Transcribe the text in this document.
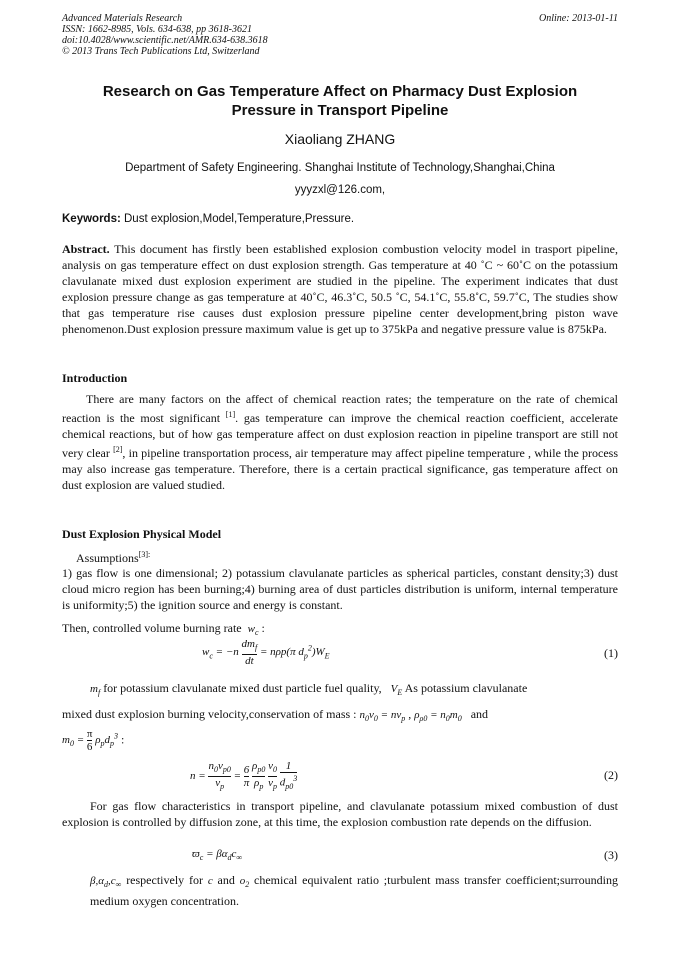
Advanced Materials Research
ISSN: 1662-8985, Vols. 634-638, pp 3618-3621
doi:10.4028/www.scientific.net/AMR.634-638.3618
© 2013 Trans Tech Publications Ltd, Switzerland
Online: 2013-01-11
Research on Gas Temperature Affect on Pharmacy Dust Explosion
Pressure in Transport Pipeline
Xiaoliang ZHANG
Department of Safety Engineering. Shanghai Institute of Technology,Shanghai,China
yyyzxl@126.com,
Keywords: Dust explosion,Model,Temperature,Pressure.
Abstract. This document has firstly been established explosion combustion velocity model in trasport pipeline, analysis on gas temperature effect on dust explosion strength. Gas temperature at 40 ˚C ~ 60˚C on the potassium clavulanate mixed dust explosion experiment are studied in the pipeline. The experiment indicates that dust explosion pressure change as gas temperature at 40˚C, 46.3˚C, 50.5 ˚C, 54.1˚C, 55.8˚C, 59.7˚C, The studies show that gas temperature rise causes dust explosion pressure pipeline center development,bring piston wave phenomenon.Dust explosion pressure maximum value is get up to 375kPa and negative pressure value is 875kPa.
Introduction
There are many factors on the affect of chemical reaction rates; the temperature on the rate of chemical reaction is the most significant [1]. gas temperature can improve the chemical reaction coefficient, accelerate chemical reactions, but of how gas temperature affect on dust explosion reaction in pipeline transport are still not very clear [2], in pipeline transportation process, air temperature may affect pipeline temperature , while the process may also increase gas temperature. Therefore, there is a certain practical significance, gas temperature affect on dust explosion are valued studied.
Dust Explosion Physical Model
Assumptions$^{[3]:}$
1) gas flow is one dimensional; 2) potassium clavulanate particles as spherical particles, constant density;3) dust cloud micro region has been burning;4) burning area of dust particles distribution is uniform, internal temperature is uniformity;5) the ignition source and energy is constant.
Then, controlled volume burning rate $w_c$ :
$w_c = -n \frac{dm_f}{dt} = n\rho p(\pi$ $d_p^2)W_E$	(1)
$m_f$ for potassium clavulanate mixed dust particle fuel quality, $V_E$ As potassium clavulanate
mixed dust explosion burning velocity,conservation of mass : $n_0v_0 = nv_p$ , $\rho_{\rho 0} = n_0m_0$ and
$m_0 = \frac{\pi}{6} \rho_pd_p^3$ :
$n = \frac{n_0v_{p0}}{v_p} = \frac{6}{\pi}$
$\frac{\rho_{p0}}{\rho_p}$
$\frac{v_0}{v_p}$
$\frac{1}{d_{p0}^3}$	(2)
For gas flow characteristics in transport pipeline, and clavulanate potassium mixed combustion of dust explosion is controlled by diffusion zone, at this time, the explosion combustion rate depends on the diffusion.
$ϖ_c = \beta\alpha_dc_\infty$	(3)
$\beta,\alpha_d,c_\infty$ respectively for c and $o_2$ chemical equivalent ratio ;turbulent mass transfer coefficient;surrounding medium oxygen concentration.
